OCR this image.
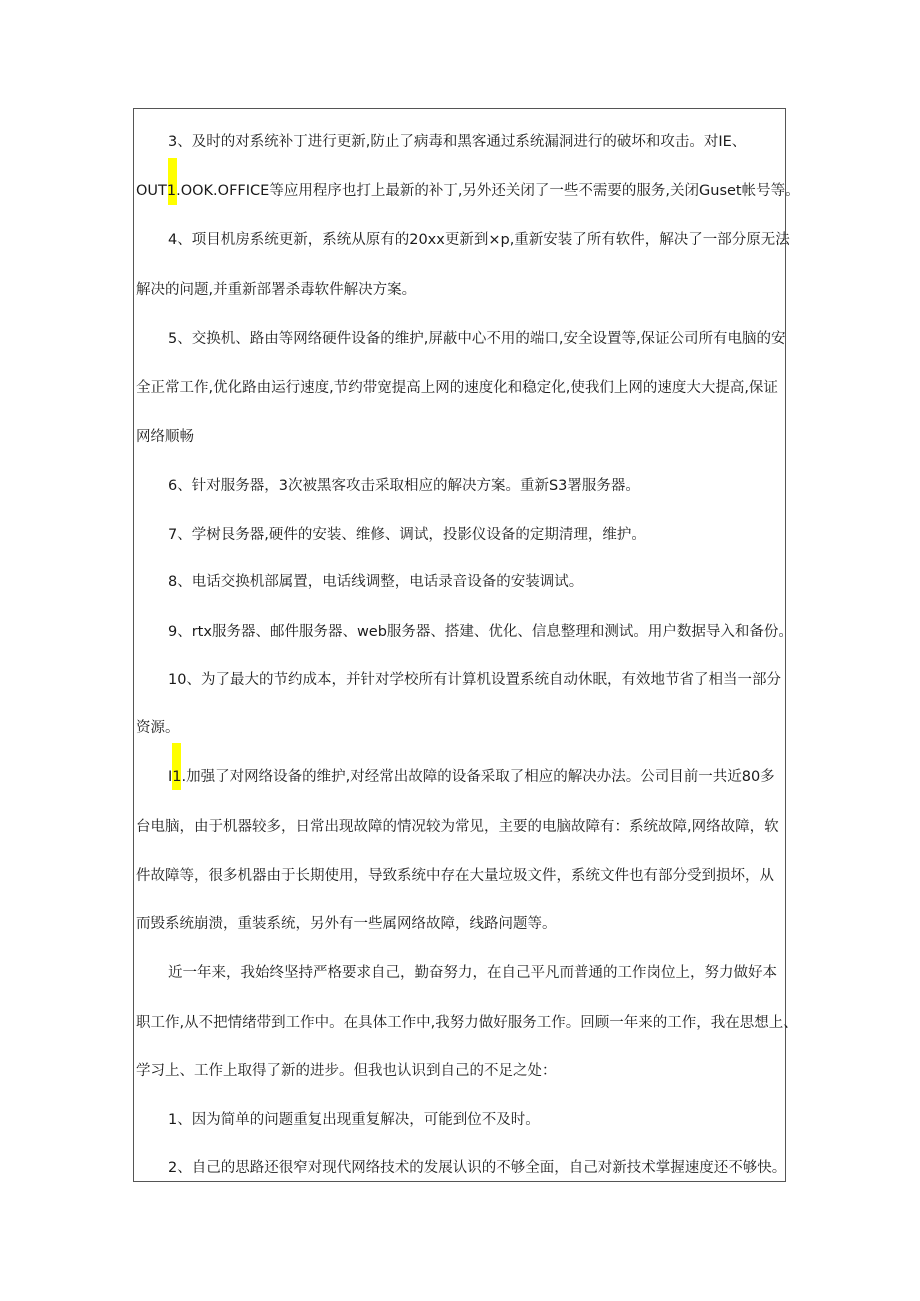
3、及时的对系统补丁进行更新,防止了病毒和黑客通过系统漏洞进行的破坏和攻击。对IE、
OUT1.OOK.OFFICE等应用程序也打上最新的补丁,另外还关闭了一些不需要的服务,关闭Guset帐号等。
4、项目机房系统更新，系统从原有的20xx更新到×p,重新安装了所有软件，解决了一部分原无法
解决的问题,并重新部署杀毒软件解决方案。
5、交换机、路由等网络硬件设备的维护,屏蔽中心不用的端口,安全设置等,保证公司所有电脑的安
全正常工作,优化路由运行速度,节约带宽提高上网的速度化和稳定化,使我们上网的速度大大提高,保证
网络顺畅
6、针对服务器，3次被黑客攻击采取相应的解决方案。重新S3署服务器。
7、学树艮务器,硬件的安装、维修、调试，投影仪设备的定期清理，维护。
8、电话交换机部属置，电话线调整，电话录音设备的安装调试。
9、rtx服务器、邮件服务器、web服务器、搭建、优化、信息整理和测试。用户数据导入和备份。
10、为了最大的节约成本，并针对学校所有计算机设置系统自动休眠，有效地节省了相当一部分
资源。
I1.加强了对网络设备的维护,对经常出故障的设备采取了相应的解决办法。公司目前一共近80多
台电脑，由于机器较多，日常出现故障的情况较为常见，主要的电脑故障有：系统故障,网络故障，软
件故障等，很多机器由于长期使用，导致系统中存在大量垃圾文件，系统文件也有部分受到损坏，从
而毁系统崩溃，重装系统，另外有一些属网络故障，线路问题等。
近一年来，我始终坚持严格要求自己，勤奋努力，在自己平凡而普通的工作岗位上，努力做好本
职工作,从不把情绪带到工作中。在具体工作中,我努力做好服务工作。回顾一年来的工作，我在思想上、
学习上、工作上取得了新的进步。但我也认识到自己的不足之处：
1、因为简单的问题重复出现重复解决，可能到位不及时。
2、自己的思路还很窄对现代网络技术的发展认识的不够全面，自己对新技术掌握速度还不够快。
